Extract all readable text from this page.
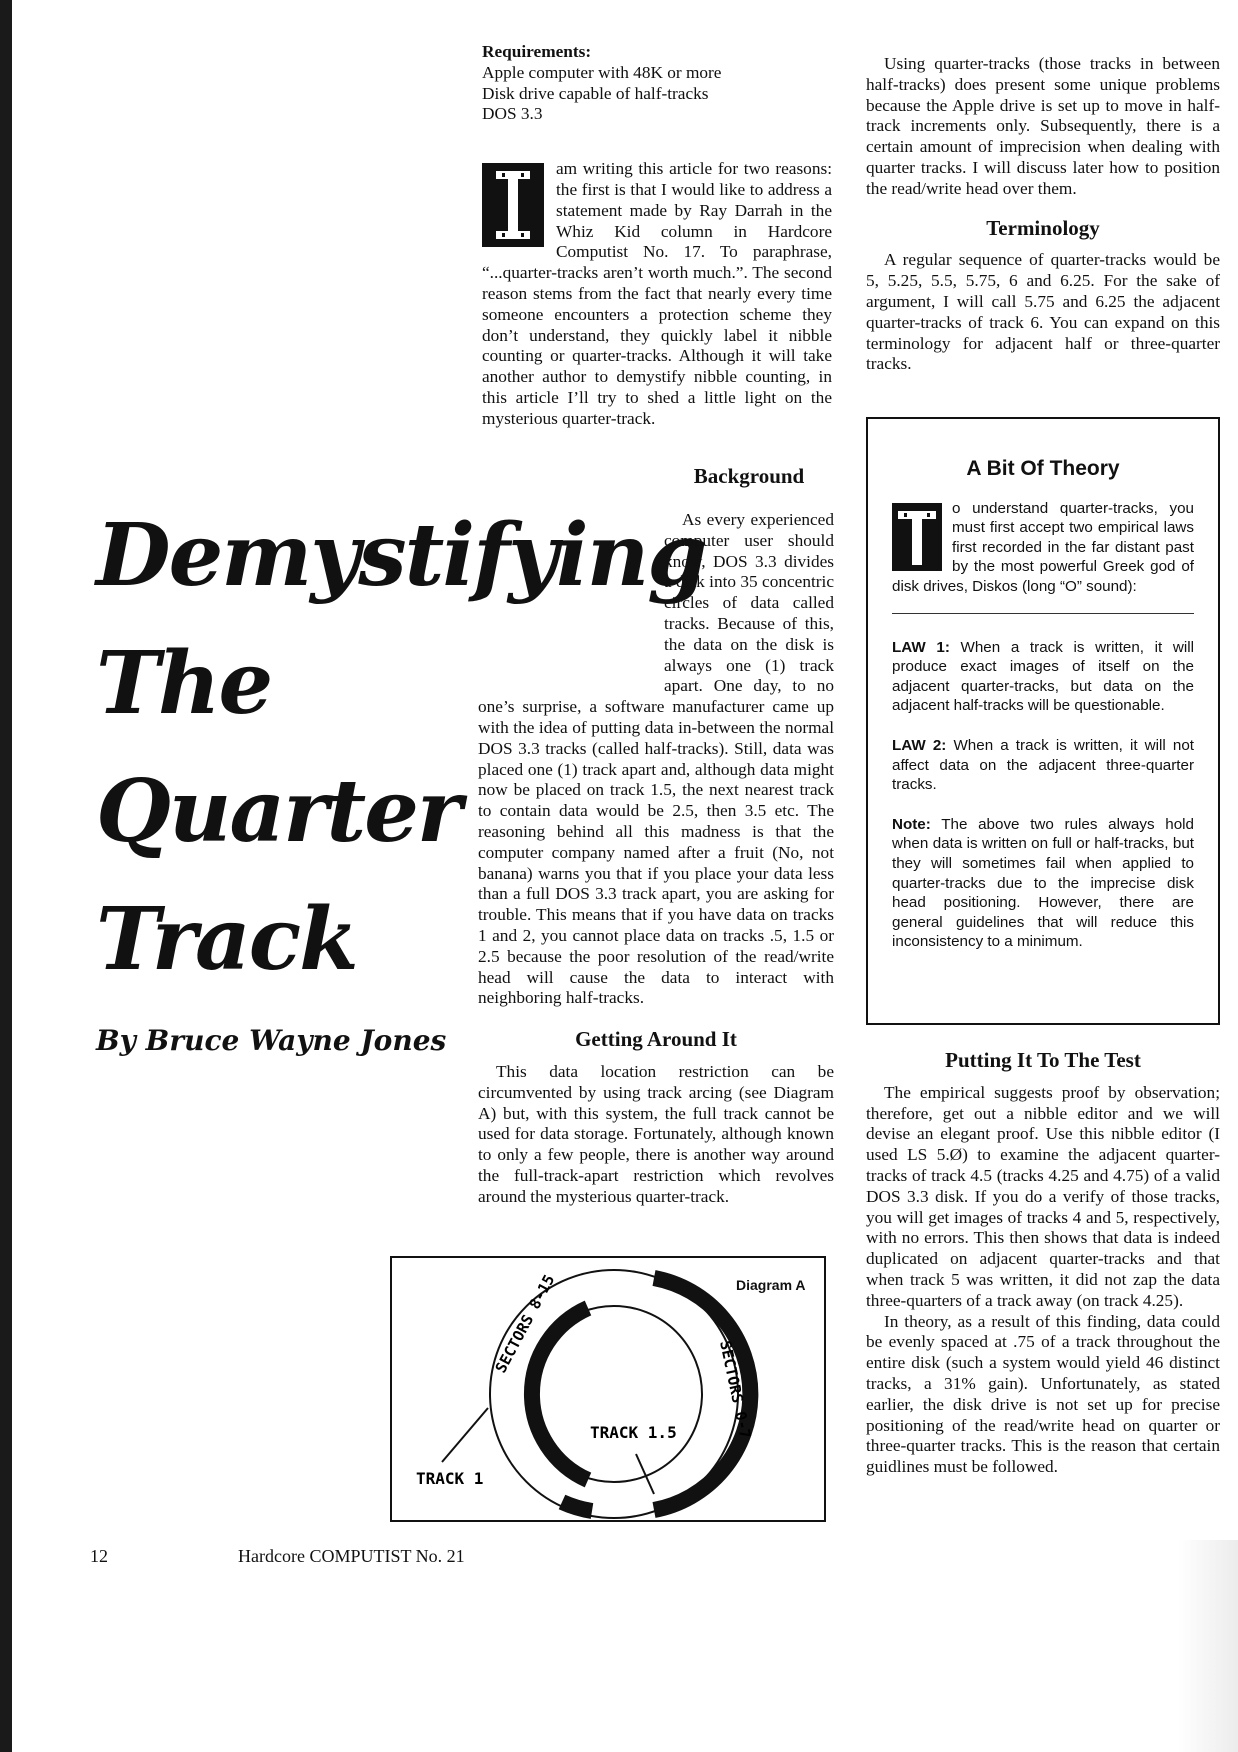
Requirements:
Apple computer with 48K or more
Disk drive capable of half-tracks
DOS 3.3

am writing this article for two reasons: the first is that I would like to address a statement made by Ray Darrah in the Whiz Kid column in Hardcore Computist No. 17. To paraphrase, “...quarter-tracks aren’t worth much.”. The second reason stems from the fact that nearly every time someone encounters a protection scheme they don’t understand, they quickly label it nibble counting or quarter-tracks. Although it will take another author to demystify nibble counting, in this article I’ll try to shed a little light on the mysterious quarter-track.

Demystifying
The
Quarter
Track
By Bruce Wayne Jones
Background

As every experienced computer user should know, DOS 3.3 divides a disk into 35 concentric circles of data called tracks. Because of this, the data on the disk is always one (1) track apart. One day, to no one’s surprise, a software manufacturer came up with the idea of putting data in-between the normal DOS 3.3 tracks (called half-tracks). Still, data was placed one (1) track apart and, although data might now be placed on track 1.5, the next nearest track to contain data would be 2.5, then 3.5 etc. The reasoning behind all this madness is that the computer company named after a fruit (No, not banana) warns you that if you place your data less than a full DOS 3.3 track apart, you are asking for trouble. This means that if you have data on tracks 1 and 2, you cannot place data on tracks .5, 1.5 or 2.5 because the poor resolution of the read/write head will cause the data to interact with neighboring half-tracks.

Getting Around It

This data location restriction can be circumvented by using track arcing (see Diagram A) but, with this system, the full track cannot be used for data storage. Fortunately, although known to only a few people, there is another way around the full-track-apart restriction which revolves around the mysterious quarter-track.

Using quarter-tracks (those tracks in between half-tracks) does present some unique problems because the Apple drive is set up to move in half-track increments only. Subsequently, there is a certain amount of imprecision when dealing with quarter tracks. I will discuss later how to position the read/write head over them.

Terminology

A regular sequence of quarter-tracks would be 5, 5.25, 5.5, 5.75, 6 and 6.25. For the sake of argument, I will call 5.75 and 6.25 the adjacent quarter-tracks of track 6. You can expand on this terminology for adjacent half or three-quarter tracks.

A Bit Of Theory

o understand quarter-tracks, you must first accept two empirical laws first recorded in the far distant past by the most powerful Greek god of disk drives, Diskos (long “O” sound):

LAW 1: When a track is written, it will produce exact images of itself on the adjacent quarter-tracks, but data on the adjacent half-tracks will be questionable.

LAW 2: When a track is written, it will not affect data on the adjacent three-quarter tracks.

Note: The above two rules always hold when data is written on full or half-tracks, but they will sometimes fail when applied to quarter-tracks due to the imprecise disk head positioning. However, there are general guidelines that will reduce this inconsistency to a minimum.

Putting It To The Test

The empirical suggests proof by observation; therefore, get out a nibble editor and we will devise an elegant proof. Use this nibble editor (I used LS 5.Ø) to examine the adjacent quarter-tracks of track 4.5 (tracks 4.25 and 4.75) of a valid DOS 3.3 disk. If you do a verify of those tracks, you will get images of tracks 4 and 5, respectively, with no errors. This then shows that data is indeed duplicated on adjacent quarter-tracks and that when track 5 was written, it did not zap the data three-quarters of a track away (on track 4.25).

In theory, as a result of this finding, data could be evenly spaced at .75 of a track throughout the entire disk (such a system would yield 46 distinct tracks, a 31% gain). Unfortunately, as stated earlier, the disk drive is not set up for precise positioning of the read/write head on quarter or three-quarter tracks. This is the reason that certain guidlines must be followed.

SECTORS 8-15
SECTORS 0-7
TRACK 1.5
TRACK 1
Diagram A
12	Hardcore COMPUTIST No. 21
